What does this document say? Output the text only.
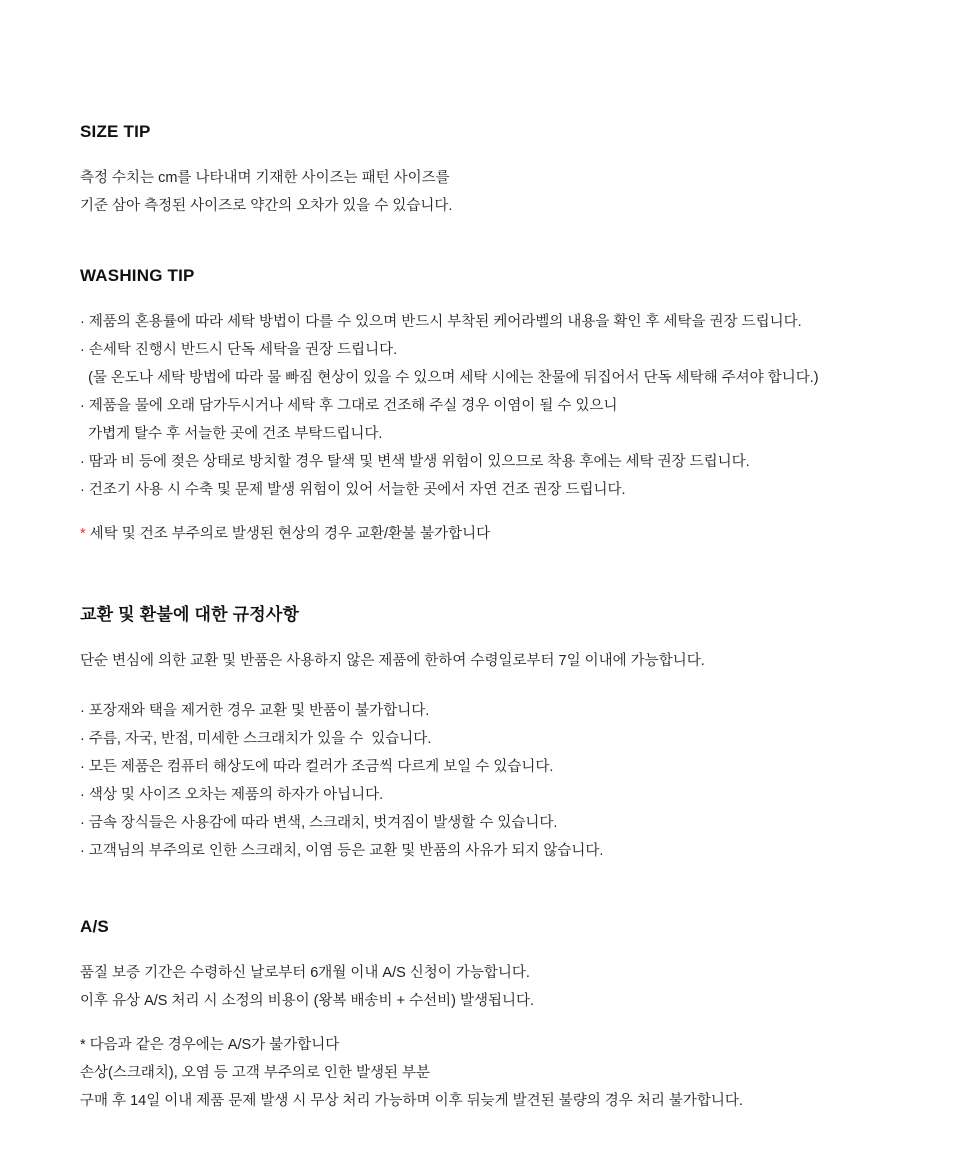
SIZE TIP

측정 수치는 cm를 나타내며 기재한 사이즈는 패턴 사이즈를

기준 삼아 측정된 사이즈로 약간의 오차가 있을 수 있습니다.

WASHING TIP
· 제품의 혼용률에 따라 세탁 방법이 다를 수 있으며 반드시 부착된 케어라벨의 내용을 확인 후 세탁을 권장 드립니다.
· 손세탁 진행시 반드시 단독 세탁을 권장 드립니다.
(물 온도나 세탁 방법에 따라 물 빠짐 현상이 있을 수 있으며 세탁 시에는 찬물에 뒤집어서 단독 세탁해 주셔야 합니다.)
· 제품을 물에 오래 담가두시거나 세탁 후 그대로 건조해 주실 경우 이염이 될 수 있으니
가볍게 탈수 후 서늘한 곳에 건조 부탁드립니다.
· 땀과 비 등에 젖은 상태로 방치할 경우 탈색 및 변색 발생 위험이 있으므로 착용 후에는 세탁 권장 드립니다.
· 건조기 사용 시 수축 및 문제 발생 위험이 있어 서늘한 곳에서 자연 건조 권장 드립니다.

* 세탁 및 건조 부주의로 발생된 현상의 경우 교환/환불 불가합니다

교환 및 환불에 대한 규정사항

단순 변심에 의한 교환 및 반품은 사용하지 않은 제품에 한하여 수령일로부터 7일 이내에 가능합니다.

· 포장재와 택을 제거한 경우 교환 및 반품이 불가합니다.
· 주름, 자국, 반점, 미세한 스크래치가 있을 수  있습니다.
· 모든 제품은 컴퓨터 해상도에 따라 컬러가 조금씩 다르게 보일 수 있습니다.
· 색상 및 사이즈 오차는 제품의 하자가 아닙니다.
· 금속 장식들은 사용감에 따라 변색, 스크래치, 벗겨짐이 발생할 수 있습니다.
· 고객님의 부주의로 인한 스크래치, 이염 등은 교환 및 반품의 사유가 되지 않습니다.
A/S

품질 보증 기간은 수령하신 날로부터 6개월 이내 A/S 신청이 가능합니다.

이후 유상 A/S 처리 시 소정의 비용이 (왕복 배송비 + 수선비) 발생됩니다.

* 다음과 같은 경우에는 A/S가 불가합니다

손상(스크래치), 오염 등 고객 부주의로 인한 발생된 부분

구매 후 14일 이내 제품 문제 발생 시 무상 처리 가능하며 이후 뒤늦게 발견된 불량의 경우 처리 불가합니다.
